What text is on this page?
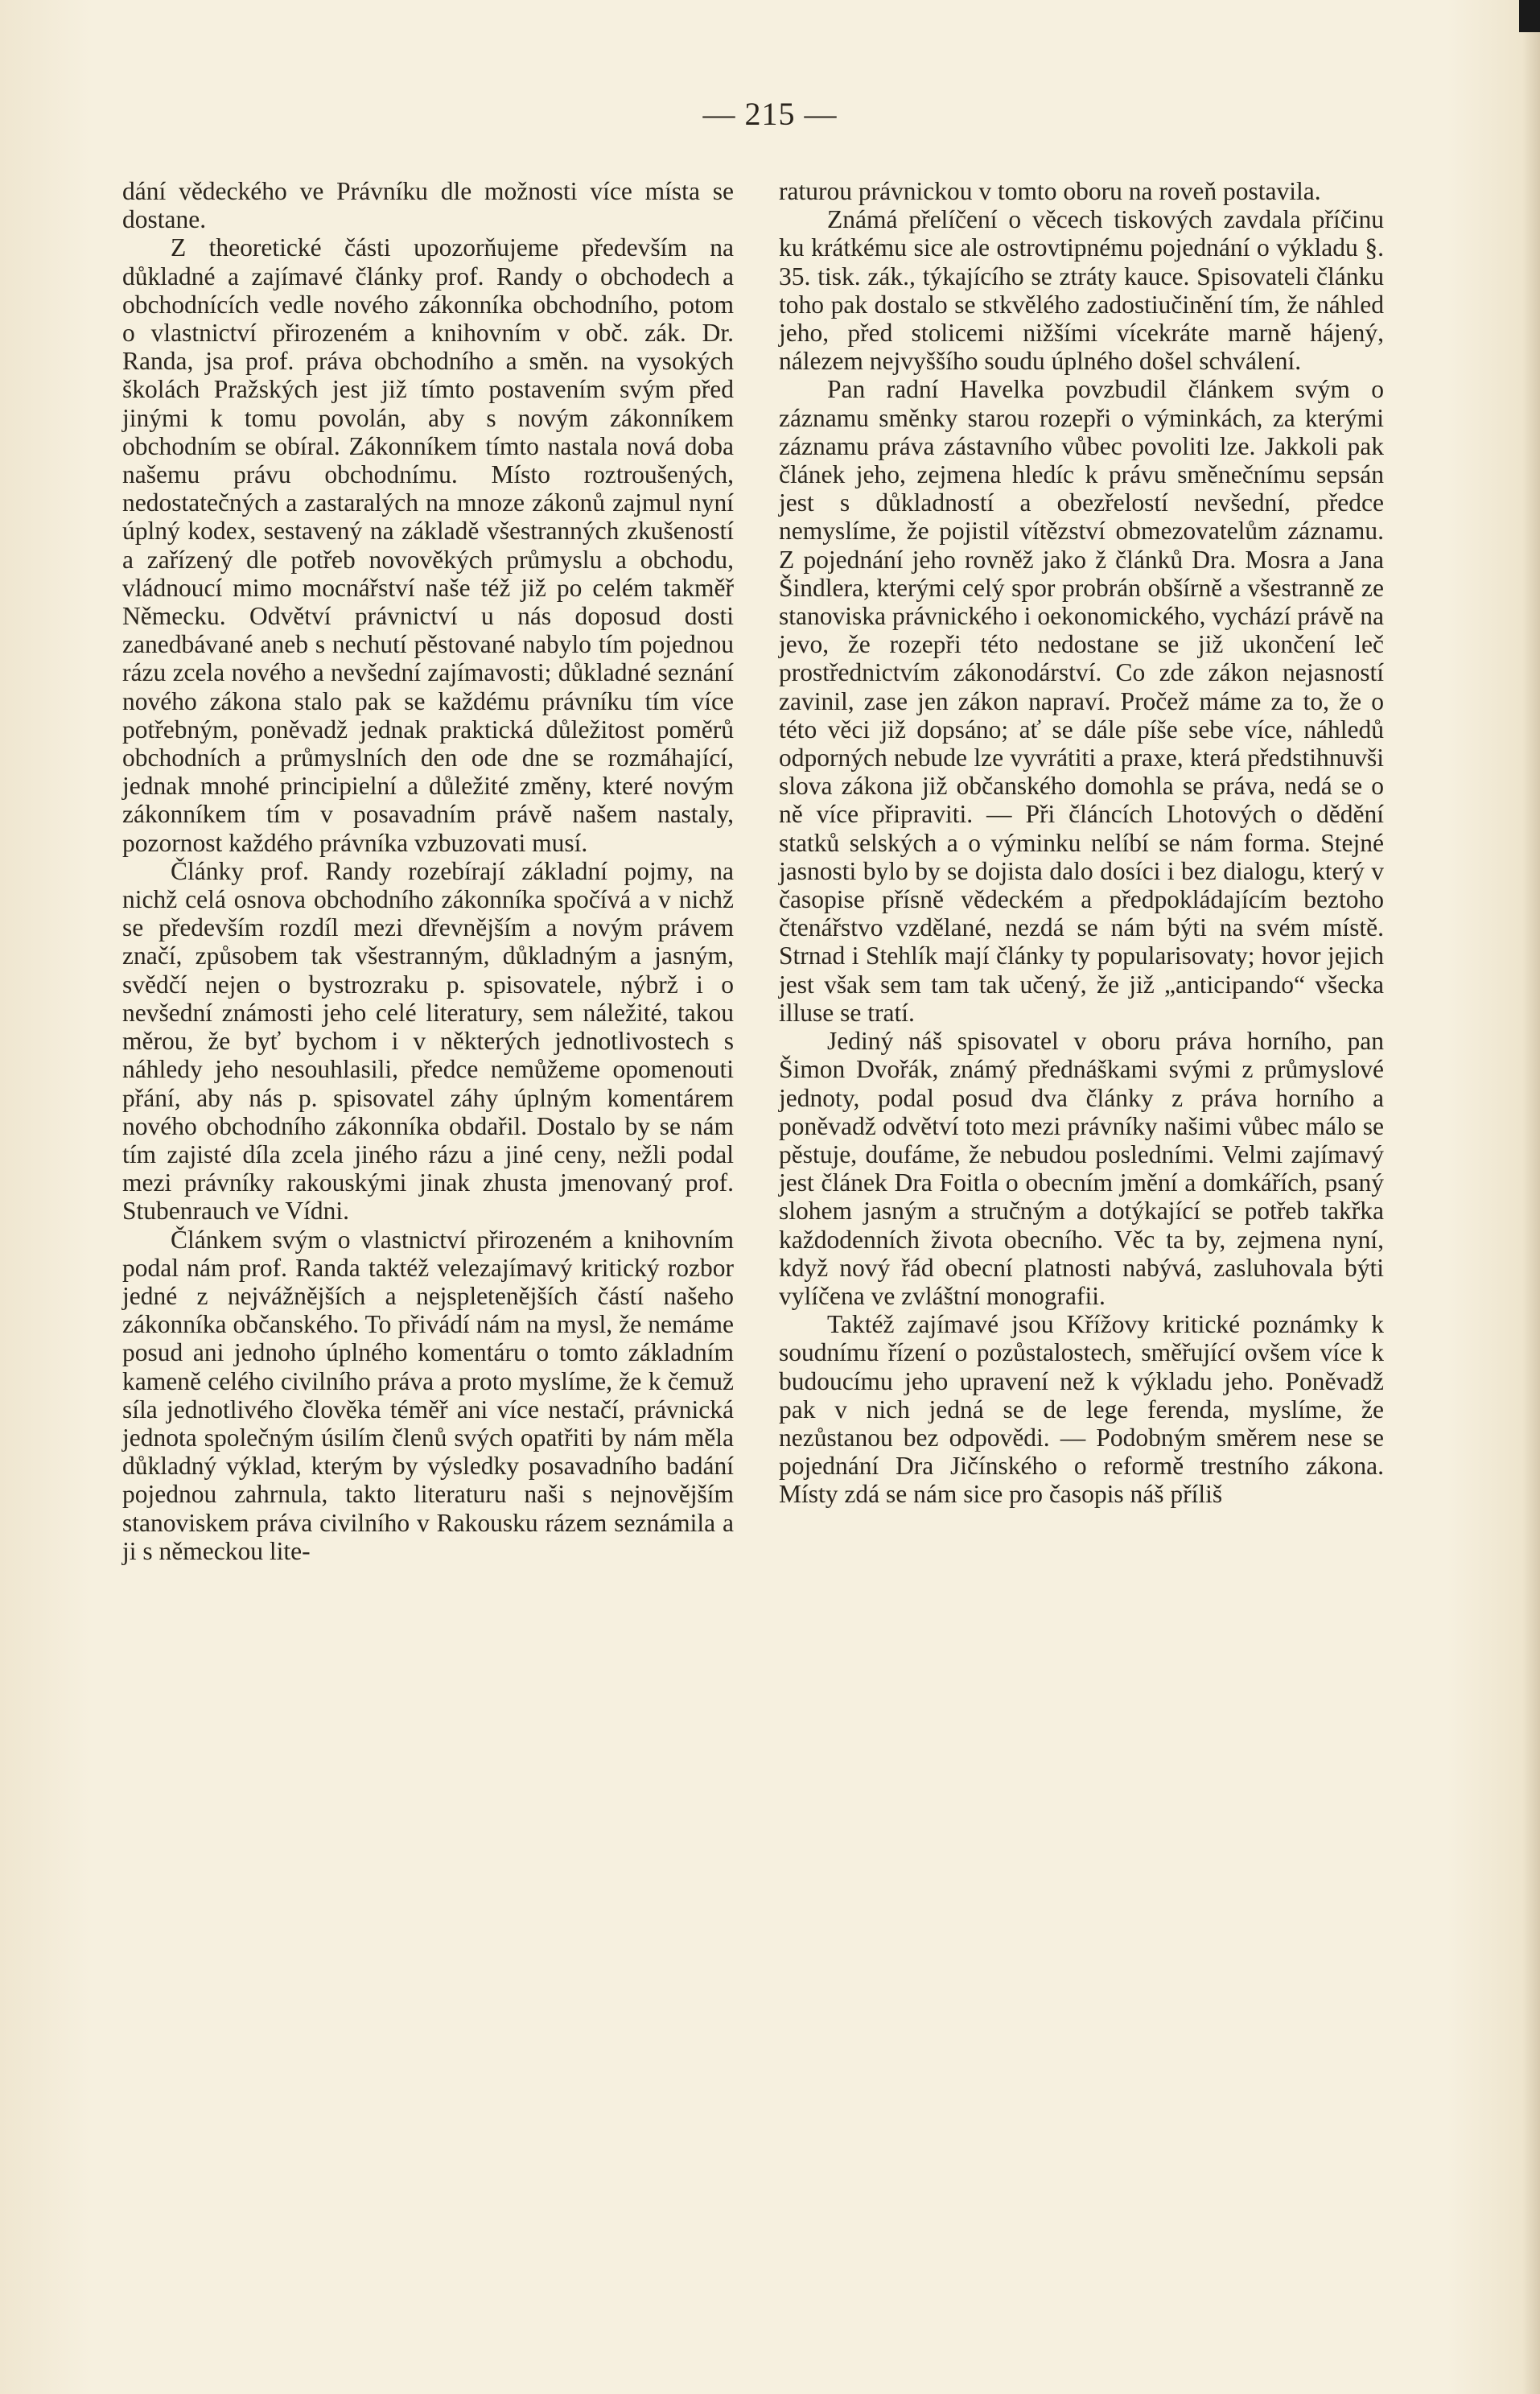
— 215 —

dání vědeckého ve Právníku dle možnosti více místa se dostane.

Z theoretické části upozorňujeme především na důkladné a zajímavé články prof. Randy o obchodech a obchodnících vedle nového zákonníka obchodního, potom o vlastnictví přirozeném a knihovním v obč. zák. Dr. Randa, jsa prof. práva obchodního a směn. na vysokých školách Pražských jest již tímto postavením svým před jinými k tomu povolán, aby s novým zákonníkem obchodním se obíral. Zákonníkem tímto nastala nová doba našemu právu obchodnímu. Místo roztroušených, nedostatečných a zastaralých na mnoze zákonů zajmul nyní úplný kodex, sestavený na základě všestranných zkušeností a zařízený dle potřeb novověkých průmyslu a obchodu, vládnoucí mimo mocnářství naše též již po celém takměř Německu. Odvětví právnictví u nás doposud dosti zanedbávané aneb s nechutí pěstované nabylo tím pojednou rázu zcela nového a nevšední zajímavosti; důkladné seznání nového zákona stalo pak se každému právníku tím více potřebným, poněvadž jednak praktická důležitost poměrů obchodních a průmyslních den ode dne se rozmáhající, jednak mnohé principielní a důležité změny, které novým zákonníkem tím v posavadním právě našem nastaly, pozornost každého právníka vzbuzovati musí.

Články prof. Randy rozebírají základní pojmy, na nichž celá osnova obchodního zákonníka spočívá a v nichž se především rozdíl mezi dřevnějším a novým právem značí, způsobem tak všestranným, důkladným a jasným, svědčí nejen o bystrozraku p. spisovatele, nýbrž i o nevšední známosti jeho celé literatury, sem náležité, takou měrou, že byť bychom i v některých jednotlivostech s náhledy jeho nesouhlasili, předce nemůžeme opomenouti přání, aby nás p. spisovatel záhy úplným komentárem nového obchodního zákonníka obdařil. Dostalo by se nám tím zajisté díla zcela jiného rázu a jiné ceny, nežli podal mezi právníky rakouskými jinak zhusta jmenovaný prof. Stubenrauch ve Vídni.

Článkem svým o vlastnictví přirozeném a knihovním podal nám prof. Randa taktéž velezajímavý kritický rozbor jedné z nejvážnějších a nejspletenějších částí našeho zákonníka občanského. To přivádí nám na mysl, že nemáme posud ani jednoho úplného komentáru o tomto základním kameně celého civilního práva a proto myslíme, že k čemuž síla jednotlivého člověka téměř ani více nestačí, právnická jednota společným úsilím členů svých opatřiti by nám měla důkladný výklad, kterým by výsledky posavadního badání pojednou zahrnula, takto literaturu naši s nejnovějším stanoviskem práva civilního v Rakousku rázem seznámila a ji s německou lite-

raturou právnickou v tomto oboru na roveň postavila.

Známá přelíčení o věcech tiskových zavdala příčinu ku krátkému sice ale ostrovtipnému pojednání o výkladu §. 35. tisk. zák., týkajícího se ztráty kauce. Spisovateli článku toho pak dostalo se stkvělého zadostiučinění tím, že náhled jeho, před stolicemi nižšími vícekráte marně hájený, nálezem nejvyššího soudu úplného došel schválení.

Pan radní Havelka povzbudil článkem svým o záznamu směnky starou rozepři o výminkách, za kterými záznamu práva zástavního vůbec povoliti lze. Jakkoli pak článek jeho, zejmena hledíc k právu směnečnímu sepsán jest s důkladností a obezřelostí nevšední, předce nemyslíme, že pojistil vítězství obmezovatelům záznamu. Z pojednání jeho rovněž jako ž článků Dra. Mosra a Jana Šindlera, kterými celý spor probrán obšírně a všestranně ze stanoviska právnického i oekonomického, vychází právě na jevo, že rozepři této nedostane se již ukončení leč prostřednictvím zákonodárství. Co zde zákon nejasností zavinil, zase jen zákon napraví. Pročež máme za to, že o této věci již dopsáno; ať se dále píše sebe více, náhledů odporných nebude lze vyvrátiti a praxe, která předstihnuvši slova zákona již občanského domohla se práva, nedá se o ně více připraviti. — Při článcích Lhotových o dědění statků selských a o výminku nelíbí se nám forma. Stejné jasnosti bylo by se dojista dalo dosíci i bez dialogu, který v časopise přísně vědeckém a předpokládajícím beztoho čtenářstvo vzdělané, nezdá se nám býti na svém místě. Strnad i Stehlík mají články ty popularisovaty; hovor jejich jest však sem tam tak učený, že již „anticipando“ všecka illuse se tratí.

Jediný náš spisovatel v oboru práva horního, pan Šimon Dvořák, známý přednáškami svými z průmyslové jednoty, podal posud dva články z práva horního a poněvadž odvětví toto mezi právníky našimi vůbec málo se pěstuje, doufáme, že nebudou posledními. Velmi zajímavý jest článek Dra Foitla o obecním jmění a domkářích, psaný slohem jasným a stručným a dotýkající se potřeb takřka každodenních života obecního. Věc ta by, zejmena nyní, když nový řád obecní platnosti nabývá, zasluhovala býti vylíčena ve zvláštní monografii.

Taktéž zajímavé jsou Křížovy kritické poznámky k soudnímu řízení o pozůstalostech, směřující ovšem více k budoucímu jeho upravení než k výkladu jeho. Poněvadž pak v nich jedná se de lege ferenda, myslíme, že nezůstanou bez odpovědi. — Podobným směrem nese se pojednání Dra Jičínského o reformě trestního zákona. Místy zdá se nám sice pro časopis náš příliš
